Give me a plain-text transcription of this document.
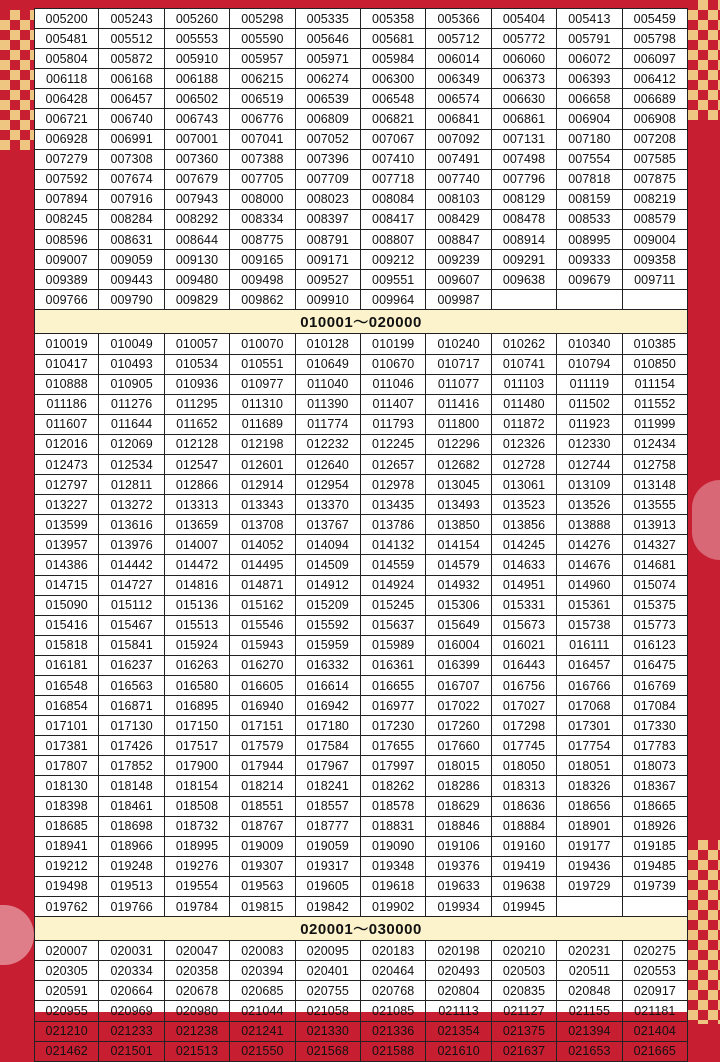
005200	005243	005260	005298	005335	005358	005366	005404	005413	005459
005481	005512	005553	005590	005646	005681	005712	005772	005791	005798
005804	005872	005910	005957	005971	005984	006014	006060	006072	006097
006118	006168	006188	006215	006274	006300	006349	006373	006393	006412
006428	006457	006502	006519	006539	006548	006574	006630	006658	006689
006721	006740	006743	006776	006809	006821	006841	006861	006904	006908
006928	006991	007001	007041	007052	007067	007092	007131	007180	007208
007279	007308	007360	007388	007396	007410	007491	007498	007554	007585
007592	007674	007679	007705	007709	007718	007740	007796	007818	007875
007894	007916	007943	008000	008023	008084	008103	008129	008159	008219
008245	008284	008292	008334	008397	008417	008429	008478	008533	008579
008596	008631	008644	008775	008791	008807	008847	008914	008995	009004
009007	009059	009130	009165	009171	009212	009239	009291	009333	009358
009389	009443	009480	009498	009527	009551	009607	009638	009679	009711
009766	009790	009829	009862	009910	009964	009987
010001～020000
010019	010049	010057	010070	010128	010199	010240	010262	010340	010385
010417	010493	010534	010551	010649	010670	010717	010741	010794	010850
010888	010905	010936	010977	011040	011046	011077	011103	011119	011154
011186	011276	011295	011310	011390	011407	011416	011480	011502	011552
011607	011644	011652	011689	011774	011793	011800	011872	011923	011999
012016	012069	012128	012198	012232	012245	012296	012326	012330	012434
012473	012534	012547	012601	012640	012657	012682	012728	012744	012758
012797	012811	012866	012914	012954	012978	013045	013061	013109	013148
013227	013272	013313	013343	013370	013435	013493	013523	013526	013555
013599	013616	013659	013708	013767	013786	013850	013856	013888	013913
013957	013976	014007	014052	014094	014132	014154	014245	014276	014327
014386	014442	014472	014495	014509	014559	014579	014633	014676	014681
014715	014727	014816	014871	014912	014924	014932	014951	014960	015074
015090	015112	015136	015162	015209	015245	015306	015331	015361	015375
015416	015467	015513	015546	015592	015637	015649	015673	015738	015773
015818	015841	015924	015943	015959	015989	016004	016021	016111	016123
016181	016237	016263	016270	016332	016361	016399	016443	016457	016475
016548	016563	016580	016605	016614	016655	016707	016756	016766	016769
016854	016871	016895	016940	016942	016977	017022	017027	017068	017084
017101	017130	017150	017151	017180	017230	017260	017298	017301	017330
017381	017426	017517	017579	017584	017655	017660	017745	017754	017783
017807	017852	017900	017944	017967	017997	018015	018050	018051	018073
018130	018148	018154	018214	018241	018262	018286	018313	018326	018367
018398	018461	018508	018551	018557	018578	018629	018636	018656	018665
018685	018698	018732	018767	018777	018831	018846	018884	018901	018926
018941	018966	018995	019009	019059	019090	019106	019160	019177	019185
019212	019248	019276	019307	019317	019348	019376	019419	019436	019485
019498	019513	019554	019563	019605	019618	019633	019638	019729	019739
019762	019766	019784	019815	019842	019902	019934	019945
020001～030000
020007	020031	020047	020083	020095	020183	020198	020210	020231	020275
020305	020334	020358	020394	020401	020464	020493	020503	020511	020553
020591	020664	020678	020685	020755	020768	020804	020835	020848	020917
020955	020969	020980	021044	021058	021085	021113	021127	021155	021181
021210	021233	021238	021241	021330	021336	021354	021375	021394	021404
021462	021501	021513	021550	021568	021588	021610	021637	021653	021665
